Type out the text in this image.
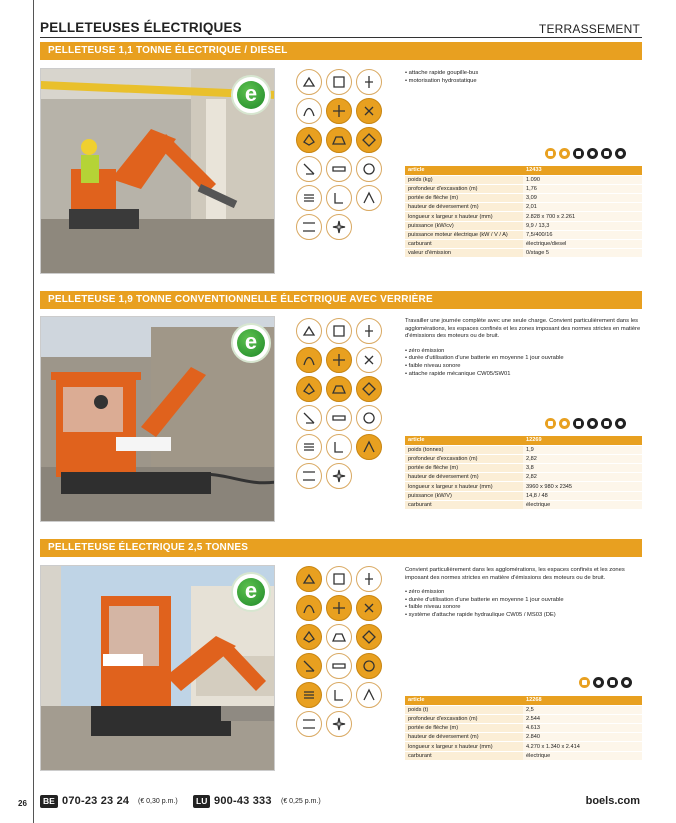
PELLETEUSES ÉLECTRIQUES	TERRASSEMENT
PELLETEUSE 1,1 TONNE ÉLECTRIQUE / DIESEL
e
• attache rapide goupille-bus
• motorisation hydrostatique
article	12433
poids (kg)	1.090
profondeur d'excavation (m)	1,76
portée de flèche (m)	3,09
hauteur de déversement (m)	2,01
longueur x largeur x hauteur (mm)	2.828 x 700 x 2.261
puissance (kW/cv)	9,9 / 13,3
puissance moteur électrique (kW / V / A)	7,5/400/16
carburant	électrique/diesel
valeur d'émission	0/stage 5
PELLETEUSE 1,9 TONNE CONVENTIONNELLE ÉLECTRIQUE AVEC VERRIÈRE
e

Travailler une journée complète avec une seule charge. Convient particulièrement dans les agglomérations, les espaces confinés et les zones imposant des normes strictes en matière d'émissions des moteurs ou de bruit.

• zéro émission
• durée d'utilisation d'une batterie en moyenne 1 jour ouvrable
• faible niveau sonore
• attache rapide mécanique CW05/SW01
article	12269
poids (tonnes)	1,9
profondeur d'excavation (m)	2,82
portée de flèche (m)	3,8
hauteur de déversement (m)	2,82
longueur x largeur x hauteur (mm)	3960 x 980 x 2345
puissance (kW/V)	14,8 / 48
carburant	électrique
PELLETEUSE ÉLECTRIQUE 2,5 TONNES
e

Convient particulièrement dans les agglomérations, les espaces confinés et les zones imposant des normes strictes en matière d'émissions des moteurs ou de bruit.

• zéro émission
• durée d'utilisation d'une batterie en moyenne 1 jour ouvrable
• faible niveau sonore
• système d'attache rapide hydraulique CW05 / MS03 (DE)
article	12268
poids (t)	2,5
profondeur d'excavation (m)	2.544
portée de flèche (m)	4.613
hauteur de déversement (m)	2.840
longueur x largeur x hauteur (mm)	4.270 x 1.340 x 2.414
carburant	électrique
26	BE 070-23 23 24 (€ 0,30 p.m.)	LU 900-43 333 (€ 0,25 p.m.)	boels.com
